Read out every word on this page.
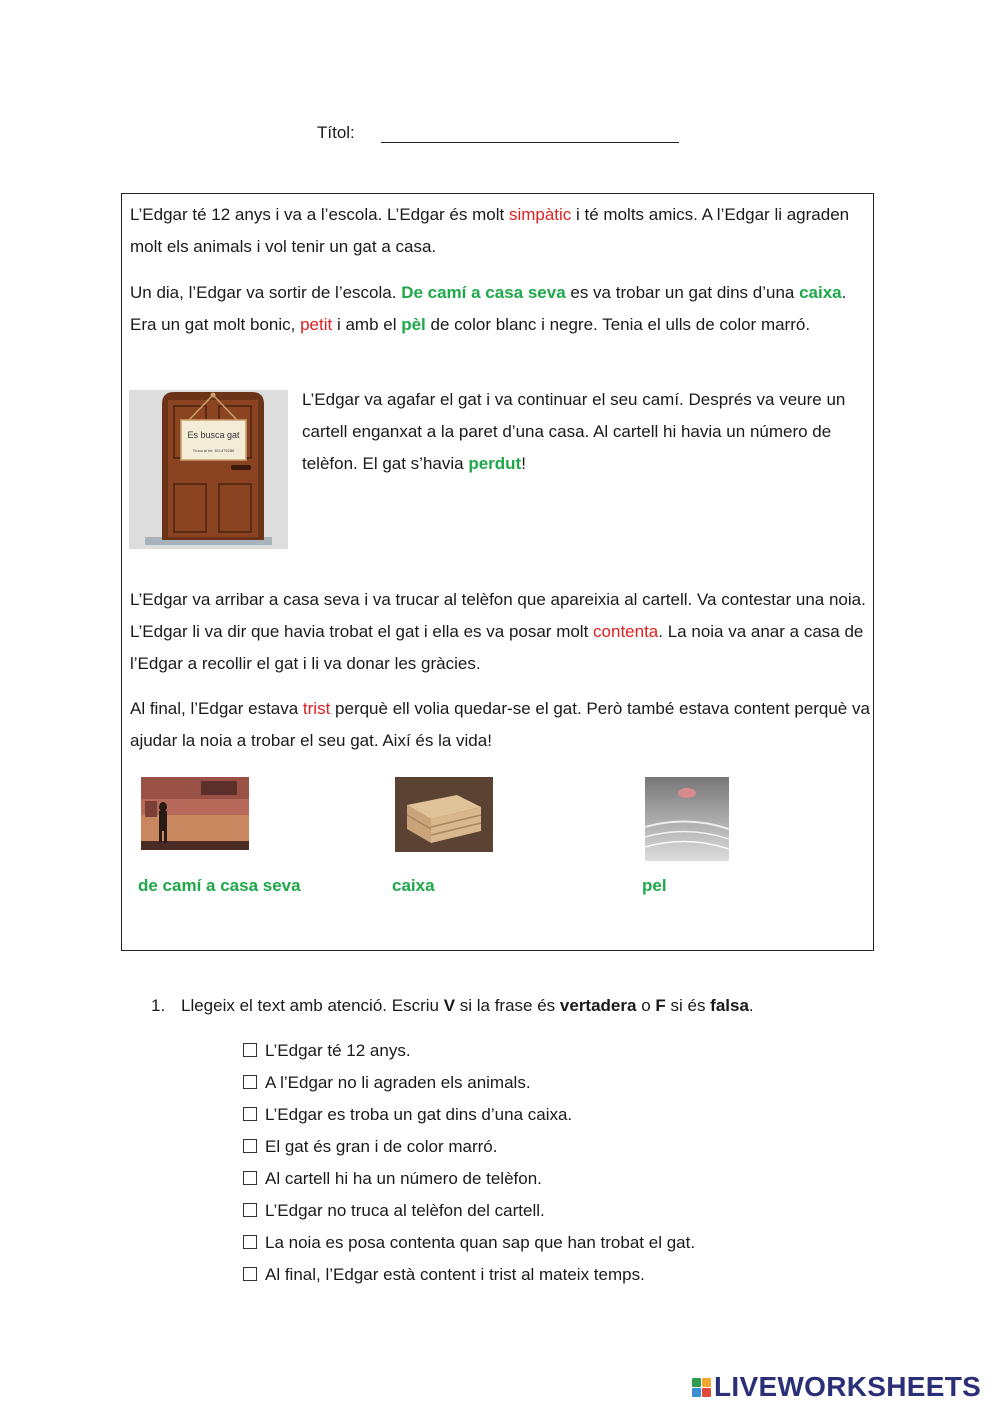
Títol:

L’Edgar té 12 anys i va a l’escola. L’Edgar és molt simpàtic i té molts amics. A l’Edgar li agraden molt els animals i vol tenir un gat a casa.

Un dia, l’Edgar va sortir de l’escola. De camí a casa seva es va trobar un gat dins d’una caixa. Era un gat molt bonic, petit i amb el pèl de color blanc i negre. Tenia el ulls de color marró.

Es busca gat
Truca al tel. 611475286

L’Edgar va agafar el gat i va continuar el seu camí. Després va veure un cartell enganxat a la paret d’una casa. Al cartell hi havia un número de telèfon. El gat s’havia perdut!

L’Edgar va arribar a casa seva i va trucar al telèfon que apareixia al cartell. Va contestar una noia. L’Edgar li va dir que havia trobat el gat i ella es va posar molt contenta. La noia va anar a casa de l’Edgar a recollir el gat i li va donar les gràcies.

Al final, l’Edgar estava trist perquè ell volia quedar-se el gat. Però també estava content perquè va ajudar la noia a trobar el seu gat. Així és la vida!

de camí a casa seva	caixa	pel
1. Llegeix el text amb atenció. Escriu V si la frase és vertadera o F si és falsa.
L’Edgar té 12 anys.
A l’Edgar no li agraden els animals.
L’Edgar es troba un gat dins d’una caixa.
El gat és gran i de color marró.
Al cartell hi ha un número de telèfon.
L’Edgar no truca al telèfon del cartell.
La noia es posa contenta quan sap que han trobat el gat.
Al final, l’Edgar està content i trist al mateix temps.
LIVEWORKSHEETS
